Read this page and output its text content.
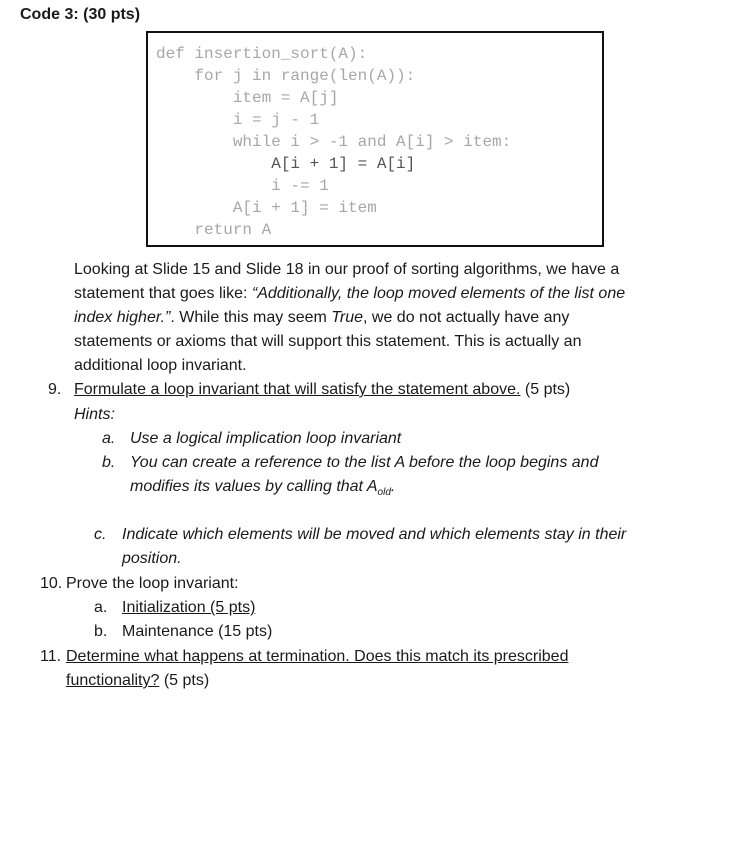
Code 3: (30 pts)
def insertion_sort(A):
for j in range(len(A)):
item = A[j]
i = j - 1
while i > -1 and A[i] > item:
A[i + 1] = A[i]
i -= 1
A[i + 1] = item
return A
Looking at Slide 15 and Slide 18 in our proof of sorting algorithms, we have a
statement that goes like: “Additionally, the loop moved elements of the list one
index higher.”. While this may seem True, we do not actually have any
statements or axioms that will support this statement. This is actually an
additional loop invariant.
9. Formulate a loop invariant that will satisfy the statement above. (5 pts)
Hints:
a. Use a logical implication loop invariant
b. You can create a reference to the list A before the loop begins and
modifies its values by calling that $A_{old}$.
c. Indicate which elements will be moved and which elements stay in their
position.
10. Prove the loop invariant:
a. Initialization (5 pts)
b. Maintenance (15 pts)
11. Determine what happens at termination. Does this match its prescribed
functionality? (5 pts)
